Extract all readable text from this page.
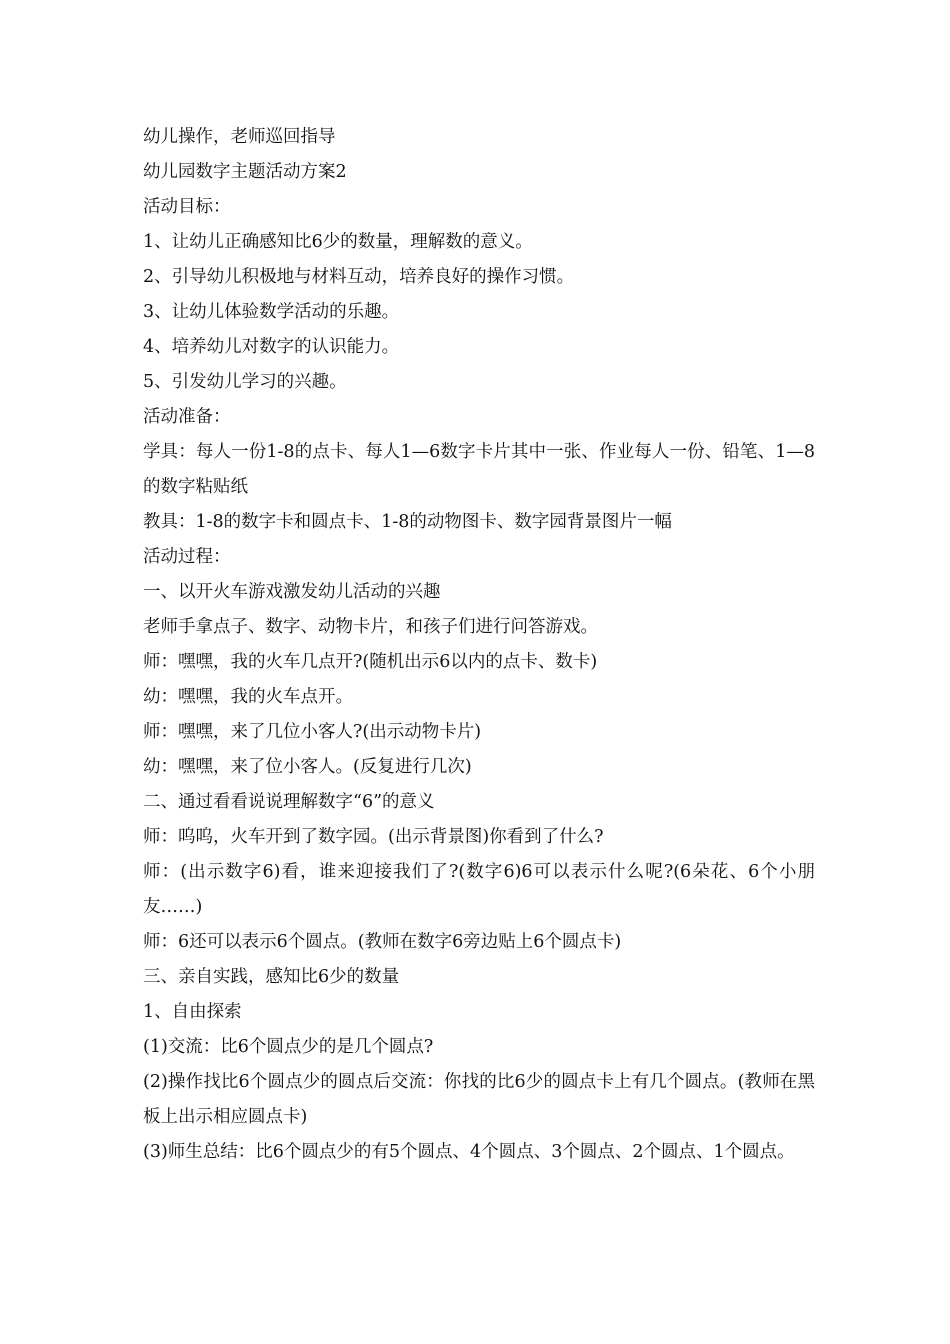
幼儿操作，老师巡回指导

幼儿园数字主题活动方案2

活动目标：

1、让幼儿正确感知比6少的数量，理解数的意义。

2、引导幼儿积极地与材料互动，培养良好的操作习惯。

3、让幼儿体验数学活动的乐趣。

4、培养幼儿对数字的认识能力。

5、引发幼儿学习的兴趣。

活动准备：

学具：每人一份1-8的点卡、每人1—6数字卡片其中一张、作业每人一份、铅笔、1—8的数字粘贴纸

教具：1-8的数字卡和圆点卡、1-8的动物图卡、数字园背景图片一幅

活动过程：

一、以开火车游戏激发幼儿活动的兴趣

老师手拿点子、数字、动物卡片，和孩子们进行问答游戏。

师：嘿嘿，我的火车几点开?(随机出示6以内的点卡、数卡)

幼：嘿嘿，我的火车点开。

师：嘿嘿，来了几位小客人?(出示动物卡片)

幼：嘿嘿，来了位小客人。(反复进行几次)

二、通过看看说说理解数字“6”的意义

师：呜呜，火车开到了数字园。(出示背景图)你看到了什么?

师：(出示数字6)看，谁来迎接我们了?(数字6)6可以表示什么呢?(6朵花、6个小朋友……)

师：6还可以表示6个圆点。(教师在数字6旁边贴上6个圆点卡)

三、亲自实践，感知比6少的数量

1、自由探索

(1)交流：比6个圆点少的是几个圆点?

(2)操作找比6个圆点少的圆点后交流：你找的比6少的圆点卡上有几个圆点。(教师在黑板上出示相应圆点卡)

(3)师生总结：比6个圆点少的有5个圆点、4个圆点、3个圆点、2个圆点、1个圆点。
